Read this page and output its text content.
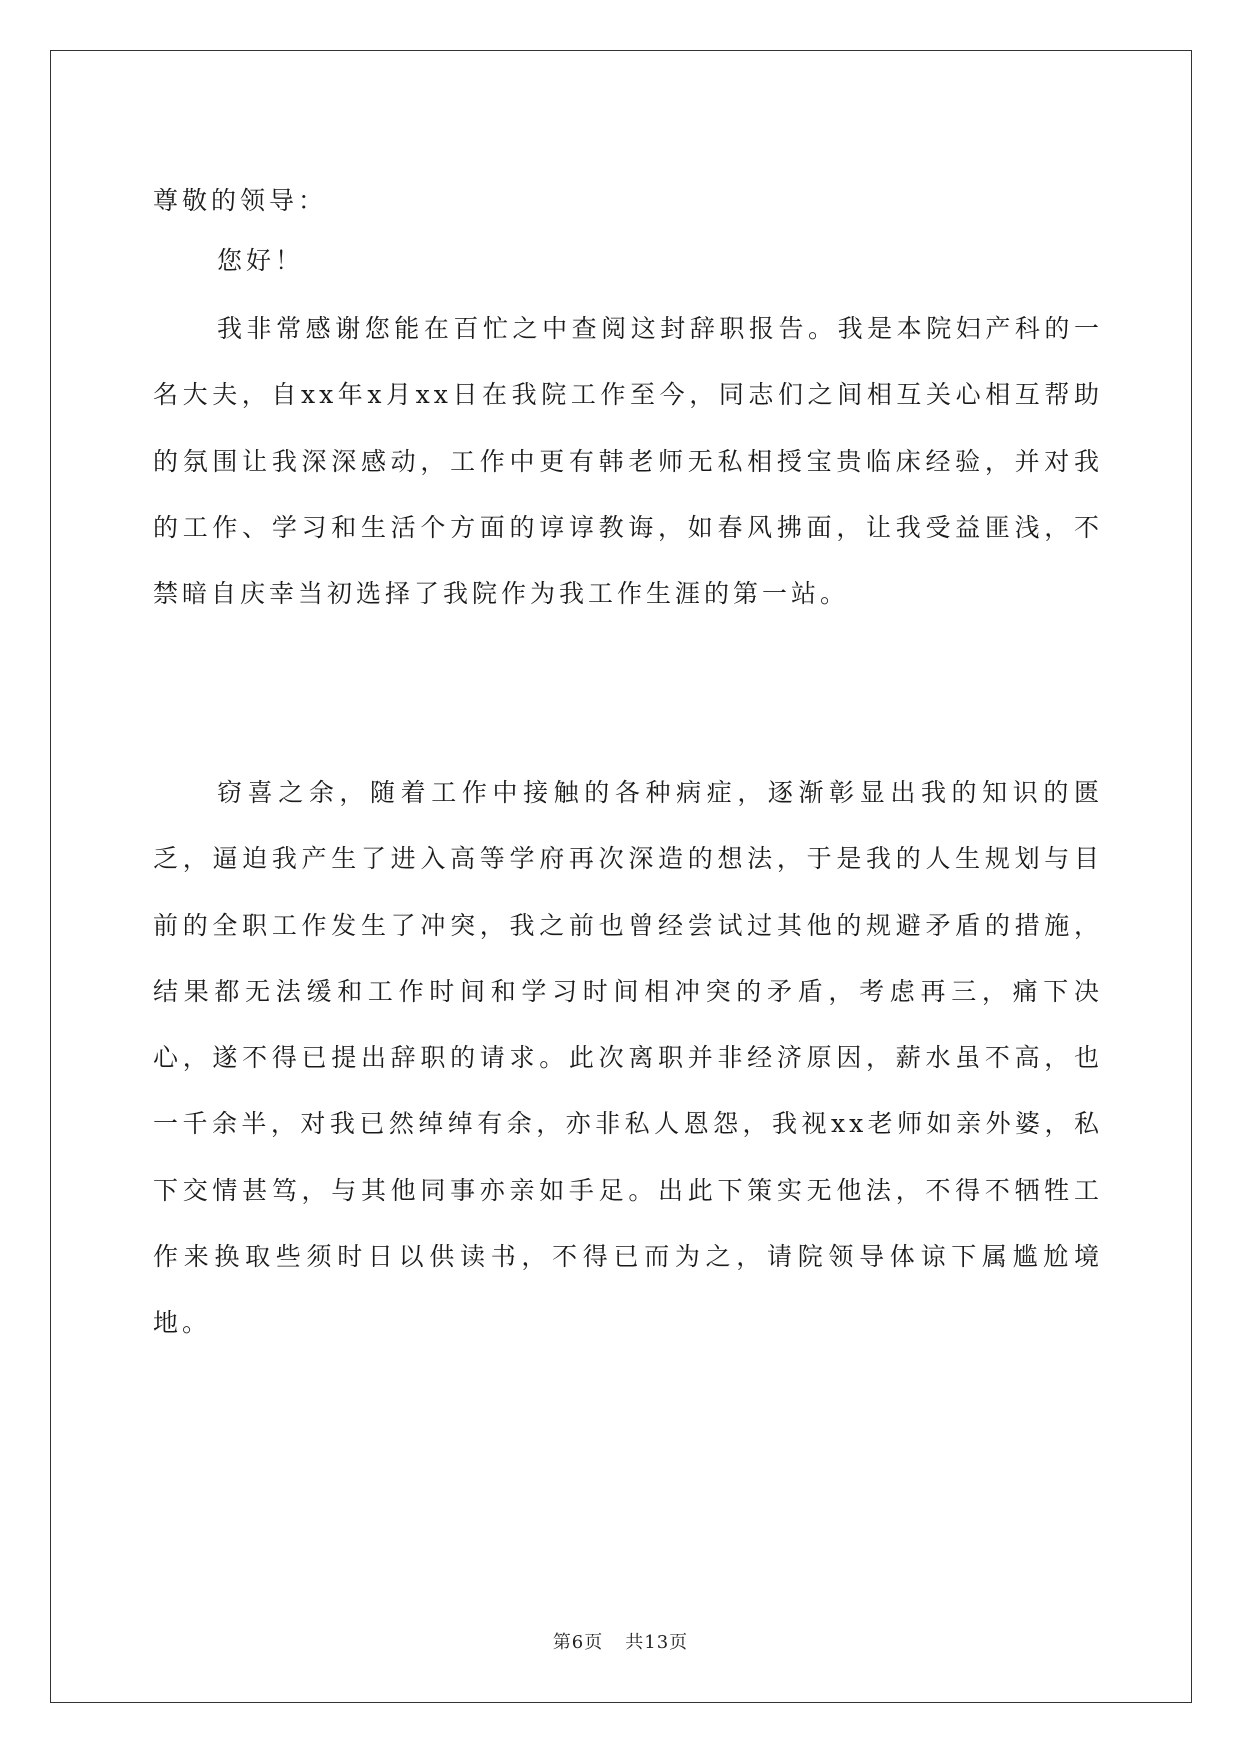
尊敬的领导：

您好！

我非常感谢您能在百忙之中查阅这封辞职报告。我是本院妇产科的一名大夫，自xx年x月xx日在我院工作至今，同志们之间相互关心相互帮助的氛围让我深深感动，工作中更有韩老师无私相授宝贵临床经验，并对我的工作、学习和生活个方面的谆谆教诲，如春风拂面，让我受益匪浅，不禁暗自庆幸当初选择了我院作为我工作生涯的第一站。

窃喜之余，随着工作中接触的各种病症，逐渐彰显出我的知识的匮乏，逼迫我产生了进入高等学府再次深造的想法，于是我的人生规划与目前的全职工作发生了冲突，我之前也曾经尝试过其他的规避矛盾的措施，结果都无法缓和工作时间和学习时间相冲突的矛盾，考虑再三，痛下决心，遂不得已提出辞职的请求。此次离职并非经济原因，薪水虽不高，也一千余半，对我已然绰绰有余，亦非私人恩怨，我视xx老师如亲外婆，私下交情甚笃，与其他同事亦亲如手足。出此下策实无他法，不得不牺牲工作来换取些须时日以供读书，不得已而为之，请院领导体谅下属尴尬境地。

第6页 共13页
